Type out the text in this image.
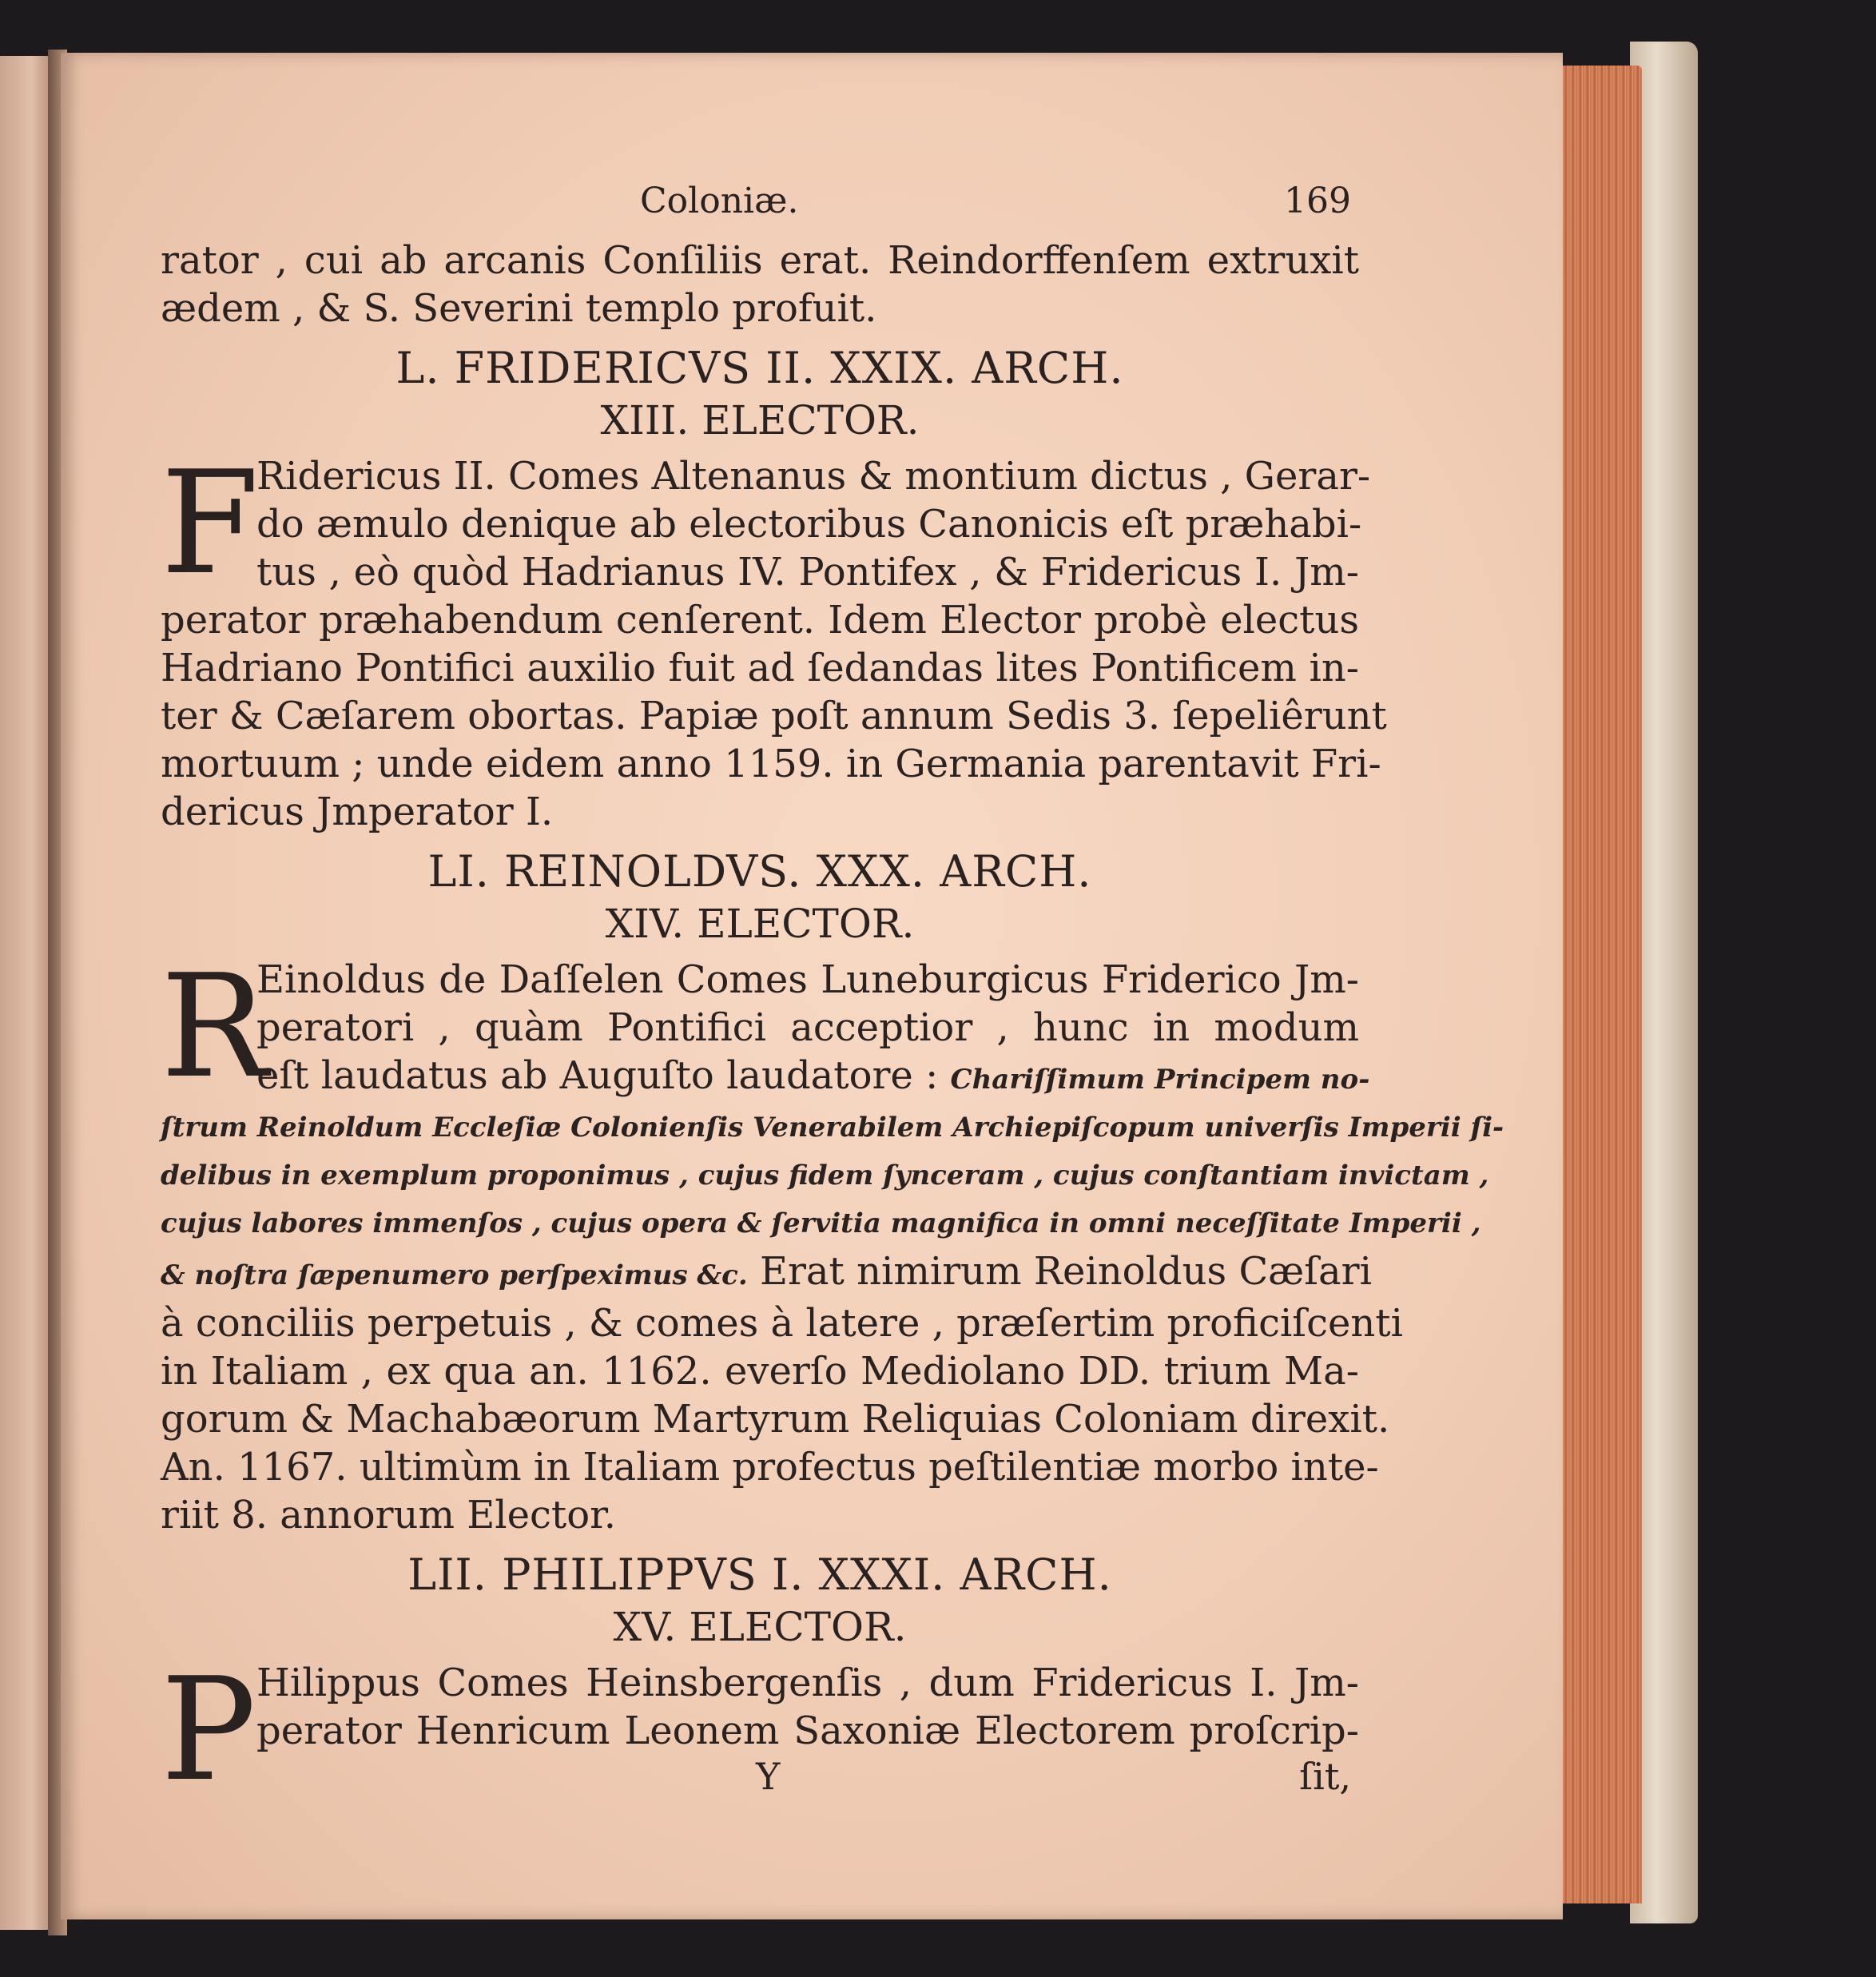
Coloniæ.	169
rator , cui ab arcanis Conſiliis erat. Reindorffenſem extruxit
ædem , & S. Severini templo profuit.
L. FRIDERICVS II. XXIX. ARCH.
XIII. ELECTOR.
F
Ridericus II. Comes Altenanus & montium dictus , Gerar-
do æmulo denique ab electoribus Canonicis eſt præhabi-
tus , eò quòd Hadrianus IV. Pontifex , & Fridericus I. Jm-
perator præhabendum cenſerent. Idem Elector probè electus
Hadriano Pontifici auxilio fuit ad ſedandas lites Pontificem in-
ter & Cæſarem obortas. Papiæ poſt annum Sedis 3. ſepeliêrunt
mortuum ; unde eidem anno 1159. in Germania parentavit Fri-
dericus Jmperator I.
LI. REINOLDVS. XXX. ARCH.
XIV. ELECTOR.
R
Einoldus de Daſſelen Comes Luneburgicus Friderico Jm-
peratori , quàm Pontifici acceptior , hunc in modum
eſt laudatus ab Auguſto laudatore : Chariſſimum Principem no-
ſtrum Reinoldum Eccleſiæ Colonienſis Venerabilem Archiepiſcopum univerſis Imperii ſi-
delibus in exemplum proponimus , cujus fidem ſynceram , cujus conſtantiam invictam ,
cujus labores immenſos , cujus opera & ſervitia magnifica in omni neceſſitate Imperii ,
& noſtra ſæpenumero perſpeximus &c. Erat nimirum Reinoldus Cæſari
à conciliis perpetuis , & comes à latere , præſertim proficiſcenti
in Italiam , ex qua an. 1162. everſo Mediolano DD. trium Ma-
gorum & Machabæorum Martyrum Reliquias Coloniam direxit.
An. 1167. ultimùm in Italiam profectus peſtilentiæ morbo inte-
riit 8. annorum Elector.
LII. PHILIPPVS I. XXXI. ARCH.
XV. ELECTOR.
P Hilippus Comes Heinsbergenſis , dum Fridericus I. Jm-
perator Henricum Leonem Saxoniæ Electorem proſcrip-
Y	ſit,
